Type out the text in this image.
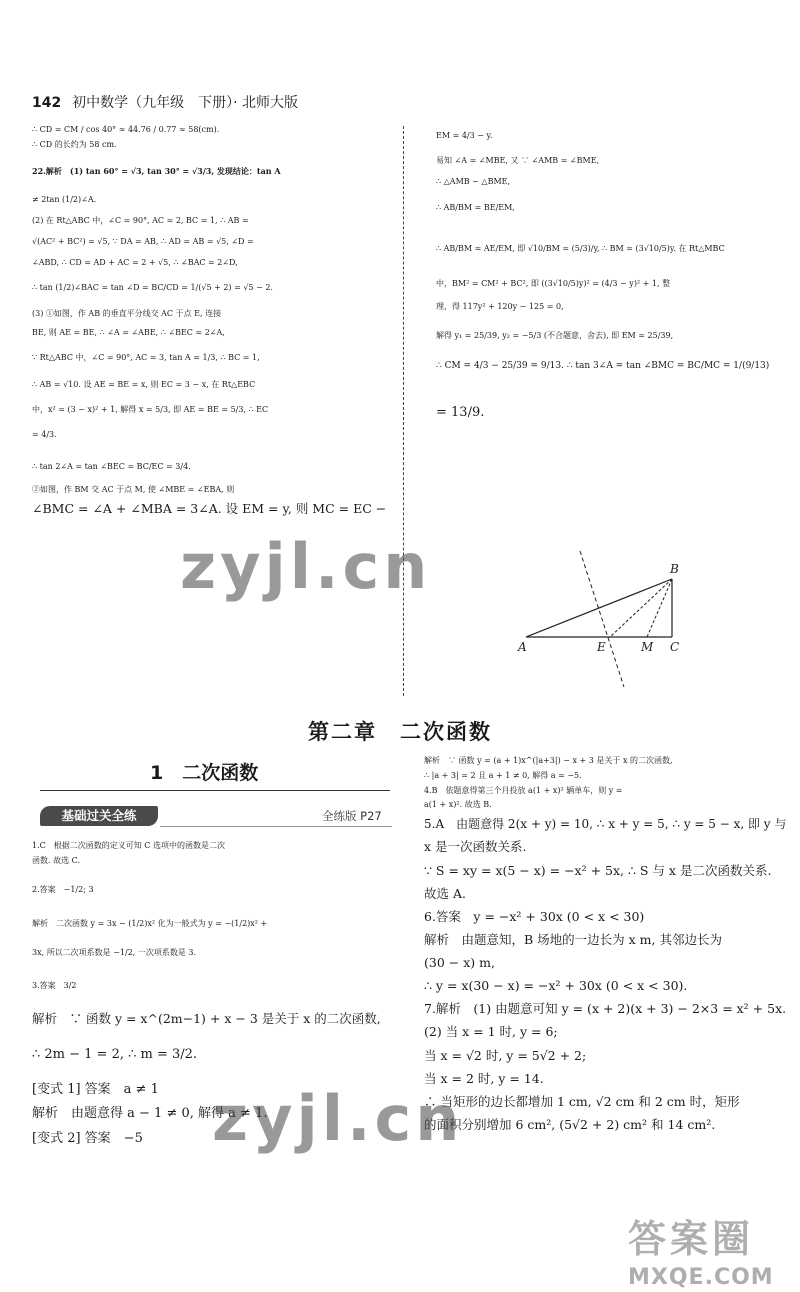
142 初中数学（九年级　下册）· 北师大版
∴ CD = CM / cos 40° ≈ 44.76 / 0.77 ≈ 58(cm).
∴ CD 的长约为 58 cm.
22.解析　(1) tan 60° = √3, tan 30° = √3/3, 发现结论：tan A
≠ 2tan (1/2)∠A.
(2) 在 Rt△ABC 中，∠C = 90°, AC = 2, BC = 1, ∴ AB =
√(AC² + BC²) = √5, ∵ DA = AB, ∴ AD = AB = √5, ∠D =
∠ABD, ∴ CD = AD + AC = 2 + √5, ∴ ∠BAC = 2∠D,
∴ tan (1/2)∠BAC = tan ∠D = BC/CD = 1/(√5 + 2) = √5 − 2.
(3) ①如图，作 AB 的垂直平分线交 AC 于点 E, 连接
BE, 则 AE = BE, ∴ ∠A = ∠ABE, ∴ ∠BEC = 2∠A,
∵ Rt△ABC 中，∠C = 90°, AC = 3, tan A = 1/3, ∴ BC = 1,
∴ AB = √10. 设 AE = BE = x, 则 EC = 3 − x, 在 Rt△EBC
中，x² = (3 − x)² + 1, 解得 x = 5/3, 即 AE = BE = 5/3, ∴ EC
= 4/3.
∴ tan 2∠A = tan ∠BEC = BC/EC = 3/4.
②如图，作 BM 交 AC 于点 M, 使 ∠MBE = ∠EBA, 则
∠BMC = ∠A + ∠MBA = 3∠A. 设 EM = y, 则 MC = EC −
EM = 4/3 − y.
易知 ∠A = ∠MBE, 又 ∵ ∠AMB = ∠BME,
∴ △AMB ∽ △BME,
∴ AB/BM = BE/EM,
∴ AB/BM = AE/EM, 即 √10/BM = (5/3)/y, ∴ BM = (3√10/5)y. 在 Rt△MBC
中，BM² = CM² + BC², 即 ((3√10/5)y)² = (4/3 − y)² + 1, 整
理，得 117y² + 120y − 125 = 0,
解得 y₁ = 25/39, y₂ = −5/3 (不合题意，舍去), 即 EM = 25/39,
∴ CM = 4/3 − 25/39 = 9/13. ∴ tan 3∠A = tan ∠BMC = BC/MC = 1/(9/13)
= 13/9.
B
A	E	M C
第二章　二次函数
1　二次函数
基础过关全练	全练版 P27
1.C　根据二次函数的定义可知 C 选项中的函数是二次
函数. 故选 C.
2.答案　−1/2; 3
解析　二次函数 y = 3x − (1/2)x² 化为一般式为 y = −(1/2)x² +
3x, 所以二次项系数是 −1/2, 一次项系数是 3.
3.答案　3/2
解析　∵ 函数 y = x^(2m−1) + x − 3 是关于 x 的二次函数,
∴ 2m − 1 = 2, ∴ m = 3/2.
[变式 1] 答案　a ≠ 1
解析　由题意得 a − 1 ≠ 0, 解得 a ≠ 1.
[变式 2] 答案　−5
解析　∵ 函数 y = (a + 1)x^(|a+3|) − x + 3 是关于 x 的二次函数,
∴ |a + 3| = 2 且 a + 1 ≠ 0, 解得 a = −5.
4.B　依题意得第三个月投放 a(1 + x)² 辆单车，则 y =
a(1 + x)². 故选 B.
5.A　由题意得 2(x + y) = 10, ∴ x + y = 5, ∴ y = 5 − x, 即 y 与
x 是一次函数关系.
∵ S = xy = x(5 − x) = −x² + 5x, ∴ S 与 x 是二次函数关系.
故选 A.
6.答案　y = −x² + 30x (0 < x < 30)
解析　由题意知，B 场地的一边长为 x m, 其邻边长为
(30 − x) m,
∴ y = x(30 − x) = −x² + 30x (0 < x < 30).
7.解析　(1) 由题意可知 y = (x + 2)(x + 3) − 2×3 = x² + 5x.
(2) 当 x = 1 时, y = 6;
当 x = √2 时, y = 5√2 + 2;
当 x = 2 时, y = 14.
∴ 当矩形的边长都增加 1 cm, √2 cm 和 2 cm 时，矩形
的面积分别增加 6 cm², (5√2 + 2) cm² 和 14 cm².
zyjl.cn
zyjl.cn
答案圈
MXQE.COM
